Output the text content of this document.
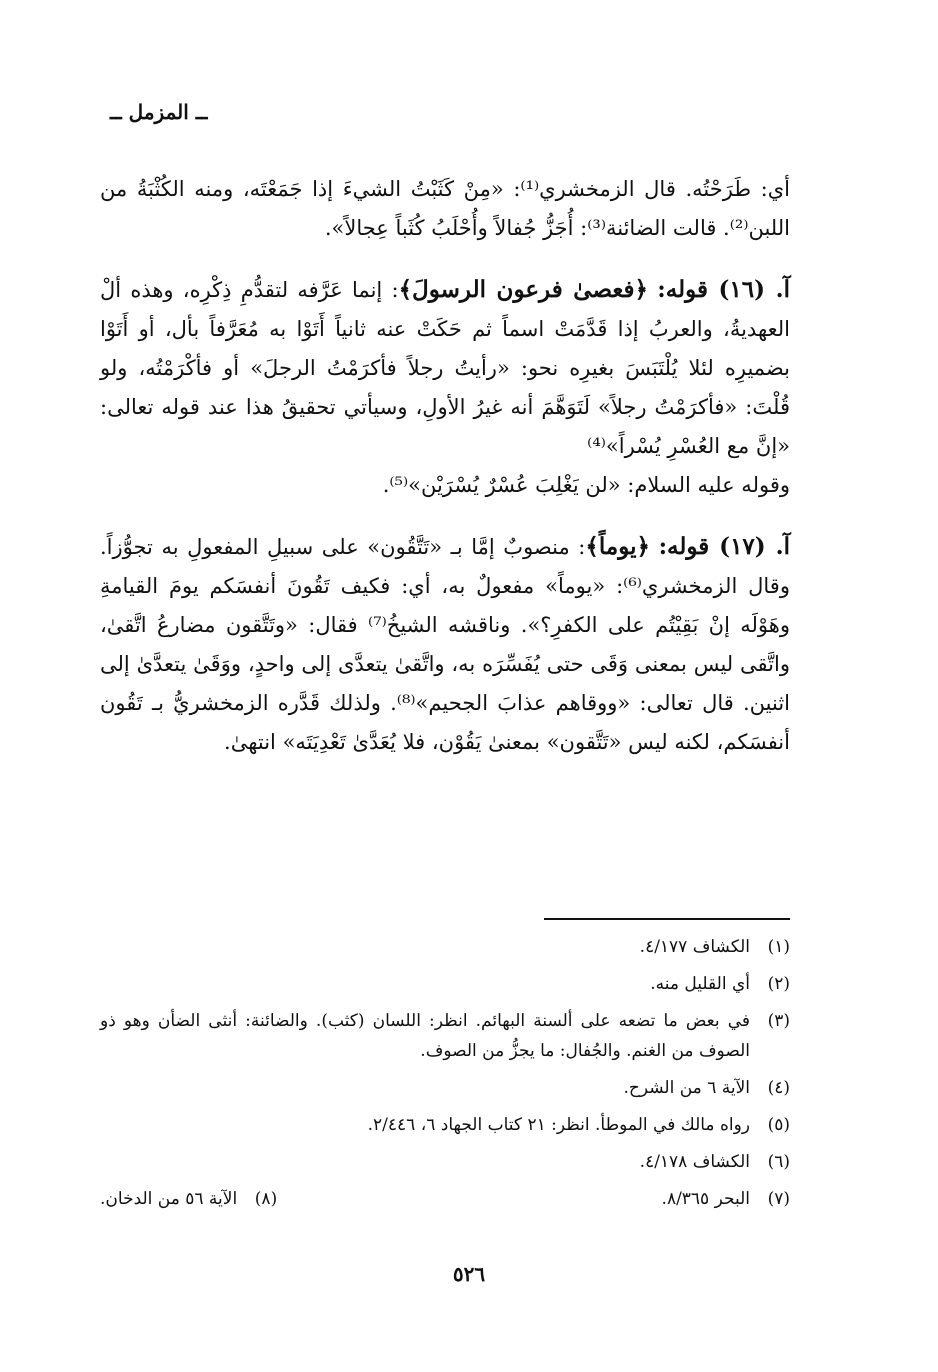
ــ المزمل ــ

أي: طَرَحْتُه. قال الزمخشري⁽¹⁾: «مِنْ كَثَبْتُ الشيءَ إذا جَمَعْتَه، ومنه الكُثْبَةُ من اللبن⁽²⁾. قالت الضائنة⁽³⁾: أُجَزُّ جُفالاً وأُحْلَبُ كُثَباً عِجالاً».

آ. (١٦) قوله: ﴿فعصىٰ فرعون الرسولَ﴾: إنما عَرَّفه لتقدُّمِ ذِكْرِه، وهذه ألْ العهديةُ، والعربُ إذا قَدَّمَتْ اسماً ثم حَكَتْ عنه ثانياً أَتَوْا به مُعَرَّفاً بأل، أو أَتَوْا بضميرِه لئلا يُلْتَبَسَ بغيرِه نحو: «رأيتُ رجلاً فأكرَمْتُ الرجلَ» أو فأكْرَمْتُه، ولو قُلْتَ: «فأكرَمْتُ رجلاً» لَتَوَهَّمَ أنه غيرُ الأولِ، وسيأتي تحقيقُ هذا عند قوله تعالى: «إنَّ مع العُسْرِ يُسْراً»⁽⁴⁾
وقوله عليه السلام: «لن يَغْلِبَ عُسْرٌ يُسْرَيْن»⁽⁵⁾.

آ. (١٧) قوله: ﴿يوماً﴾: منصوبٌ إمَّا بـ «تَتَّقُون» على سبيلِ المفعولِ به تجوُّزاً. وقال الزمخشري⁽⁶⁾: «يوماً» مفعولٌ به، أي: فكيف تَقُونَ أنفسَكم يومَ القيامةِ وهَوْلَه إنْ بَقِيْتُم على الكفرِ؟». وناقشه الشيخُ⁽⁷⁾ فقال: «وتَتَّقون مضارعُ اتَّقىٰ، واتَّقى ليس بمعنى وَقَى حتى يُفَسِّرَه به، واتَّقىٰ يتعدَّى إلى واحدٍ، ووَقَىٰ يتعدَّىٰ إلى اثنين. قال تعالى: «ووقاهم عذابَ الجحيم»⁽⁸⁾. ولذلك قَدَّره الزمخشريُّ بـ تَقُون أنفسَكم، لكنه ليس «تَتَّقون» بمعنىٰ يَقُوْن، فلا يُعَدَّىٰ تَعْدِيَتَه» انتهىٰ.

(١)
الكشاف ٤/١٧٧.
(٢)
أي القليل منه.
(٣)
في بعض ما تضعه على ألسنة البهائم. انظر: اللسان (كثب). والضائنة: أنثى الضأن وهو ذو الصوف من الغنم. والجُفال: ما يجزُّ من الصوف.
(٤)
الآية ٦ من الشرح.
(٥)
رواه مالك في الموطأ. انظر: ٢١ كتاب الجهاد ٦، ٢/٤٤٦.
(٦)
الكشاف ٤/١٧٨.
(٧)
البحر ٨/٣٦٥.
(٨)
الآية ٥٦ من الدخان.
٥٢٦
